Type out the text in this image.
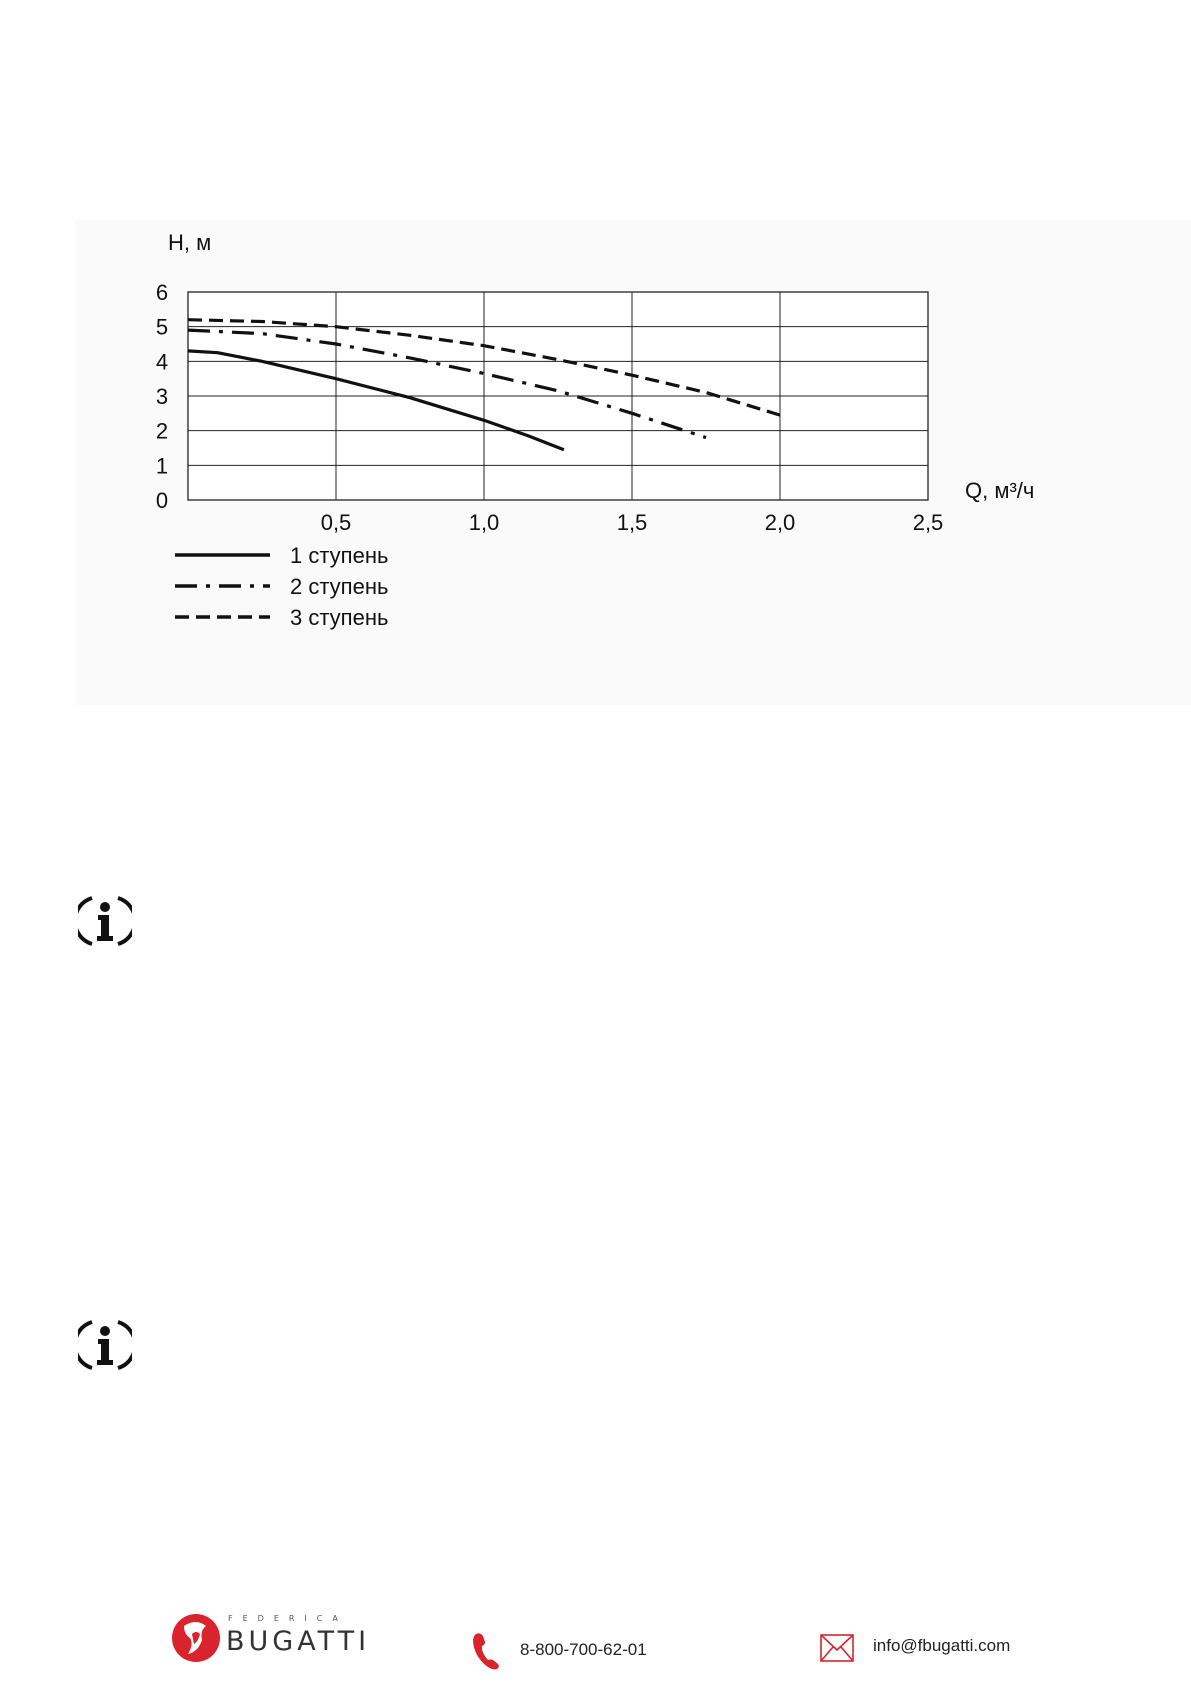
0
1
2
3
4
5
6
0,5	1,0	1,5	2,0	2,5
H, м
Q, м³/ч
1 ступень
2 ступень
3 ступень
FEDERICA
BUGATTI	8-800-700-62-01	info@fbugatti.com
